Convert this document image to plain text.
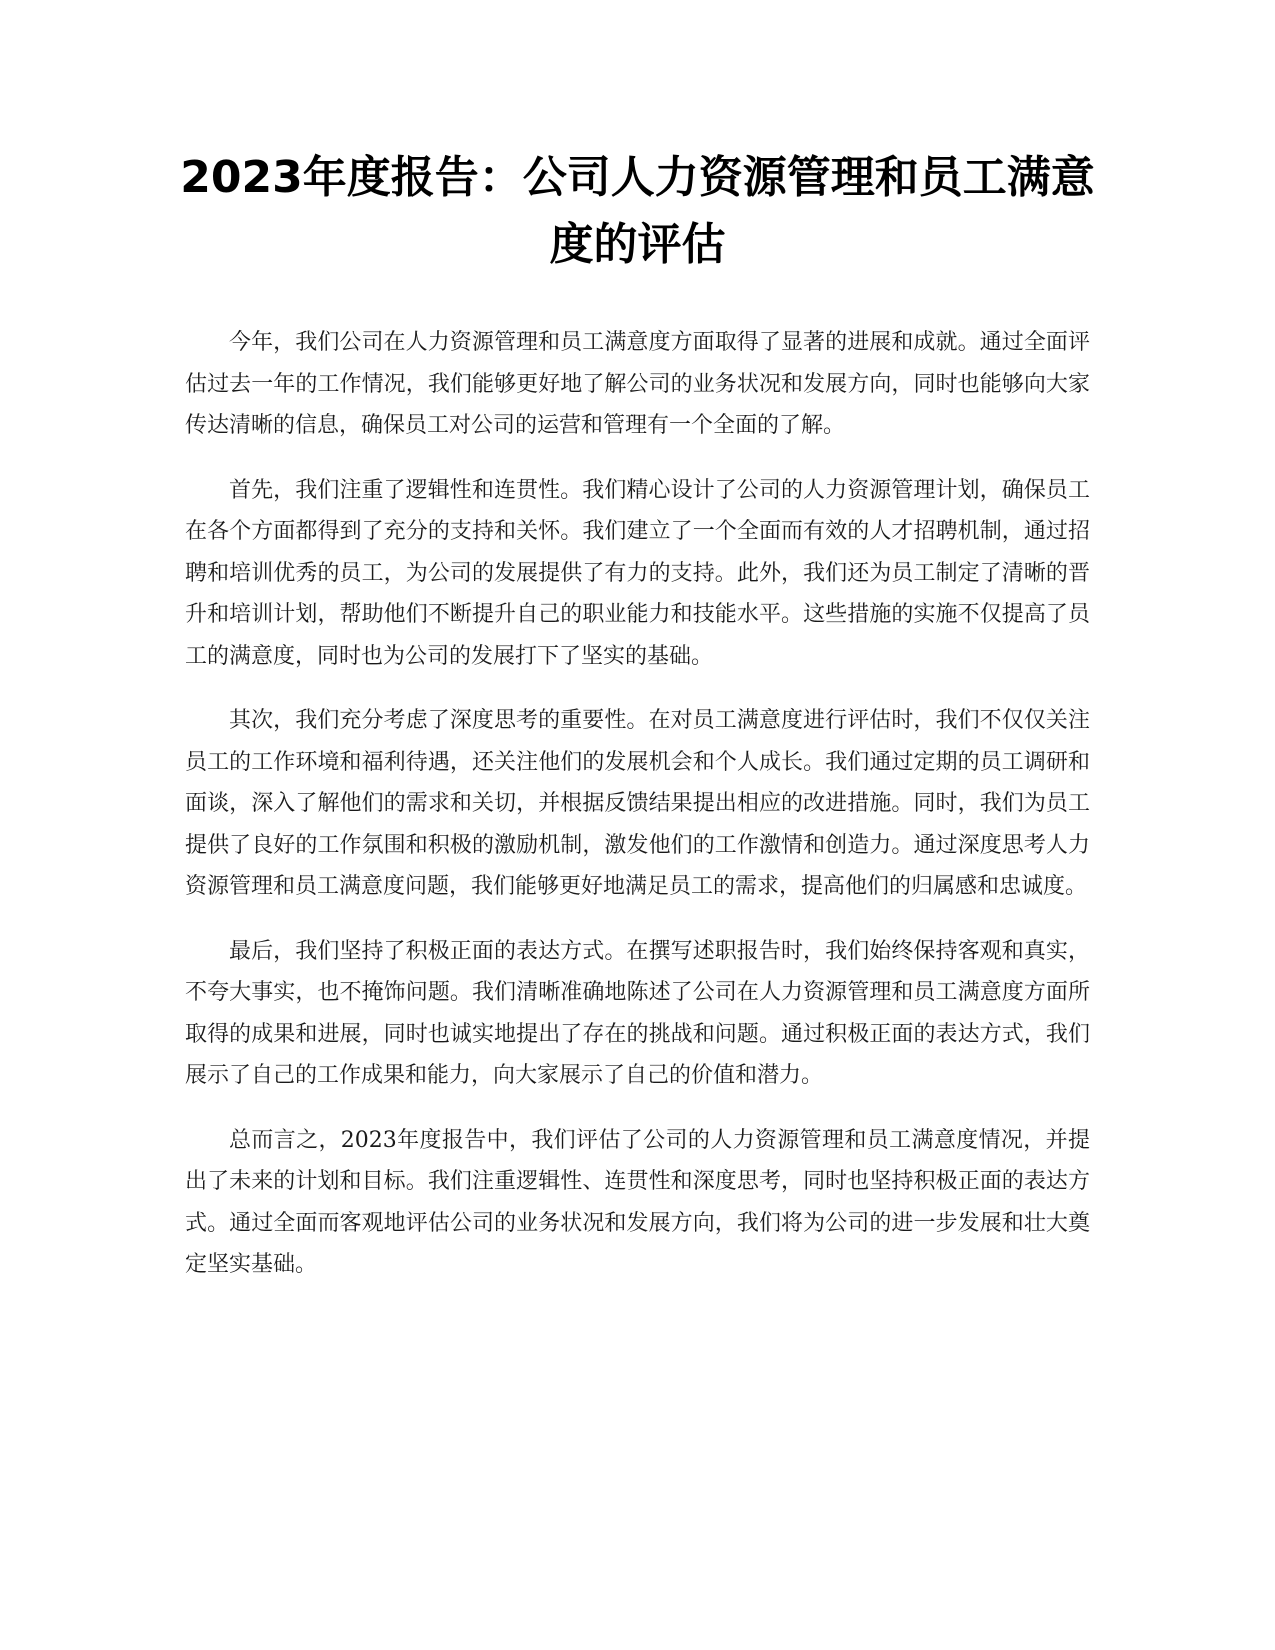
2023年度报告：公司人力资源管理和员工满意度的评估

今年，我们公司在人力资源管理和员工满意度方面取得了显著的进展和成就。通过全面评估过去一年的工作情况，我们能够更好地了解公司的业务状况和发展方向，同时也能够向大家传达清晰的信息，确保员工对公司的运营和管理有一个全面的了解。

首先，我们注重了逻辑性和连贯性。我们精心设计了公司的人力资源管理计划，确保员工在各个方面都得到了充分的支持和关怀。我们建立了一个全面而有效的人才招聘机制，通过招聘和培训优秀的员工，为公司的发展提供了有力的支持。此外，我们还为员工制定了清晰的晋升和培训计划，帮助他们不断提升自己的职业能力和技能水平。这些措施的实施不仅提高了员工的满意度，同时也为公司的发展打下了坚实的基础。

其次，我们充分考虑了深度思考的重要性。在对员工满意度进行评估时，我们不仅仅关注员工的工作环境和福利待遇，还关注他们的发展机会和个人成长。我们通过定期的员工调研和面谈，深入了解他们的需求和关切，并根据反馈结果提出相应的改进措施。同时，我们为员工提供了良好的工作氛围和积极的激励机制，激发他们的工作激情和创造力。通过深度思考人力资源管理和员工满意度问题，我们能够更好地满足员工的需求，提高他们的归属感和忠诚度。

最后，我们坚持了积极正面的表达方式。在撰写述职报告时，我们始终保持客观和真实，不夸大事实，也不掩饰问题。我们清晰准确地陈述了公司在人力资源管理和员工满意度方面所取得的成果和进展，同时也诚实地提出了存在的挑战和问题。通过积极正面的表达方式，我们展示了自己的工作成果和能力，向大家展示了自己的价值和潜力。

总而言之，2023年度报告中，我们评估了公司的人力资源管理和员工满意度情况，并提出了未来的计划和目标。我们注重逻辑性、连贯性和深度思考，同时也坚持积极正面的表达方式。通过全面而客观地评估公司的业务状况和发展方向，我们将为公司的进一步发展和壮大奠定坚实基础。
